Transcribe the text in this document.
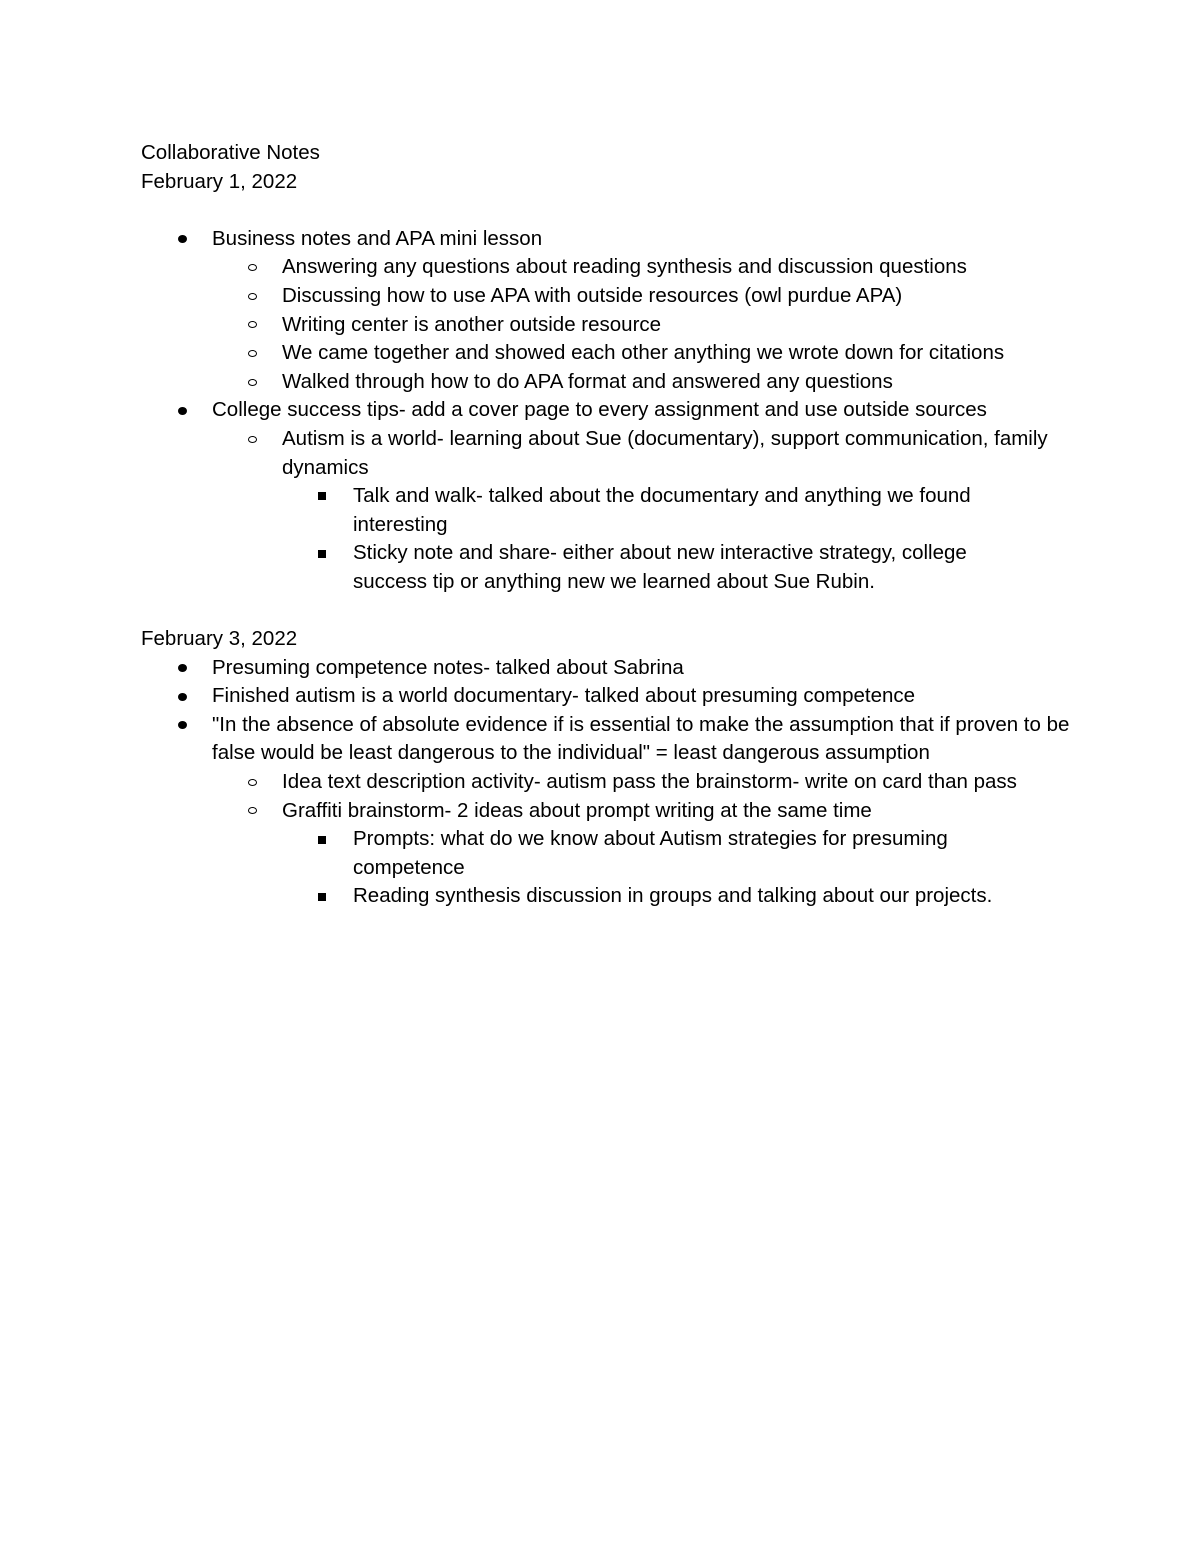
Collaborative Notes
February 1, 2022
Business notes and APA mini lesson
Answering any questions about reading synthesis and discussion questions
Discussing how to use APA with outside resources (owl purdue APA)
Writing center is another outside resource
We came together and showed each other anything we wrote down for citations
Walked through how to do APA format and answered any questions
College success tips- add a cover page to every assignment and use outside sources
Autism is a world- learning about Sue (documentary), support communication, family dynamics
Talk and walk- talked about the documentary and anything we found interesting
Sticky note and share- either about new interactive strategy, college success tip or anything new we learned about Sue Rubin.
February 3, 2022
Presuming competence notes- talked about Sabrina
Finished autism is a world documentary- talked about presuming competence
"In the absence of absolute evidence if is essential to make the assumption that if proven to be false would be least dangerous to the individual" = least dangerous assumption
Idea text description activity- autism pass the brainstorm- write on card than pass
Graffiti brainstorm- 2 ideas about prompt writing at the same time
Prompts: what do we know about Autism strategies for presuming competence
Reading synthesis discussion in groups and talking about our projects.
